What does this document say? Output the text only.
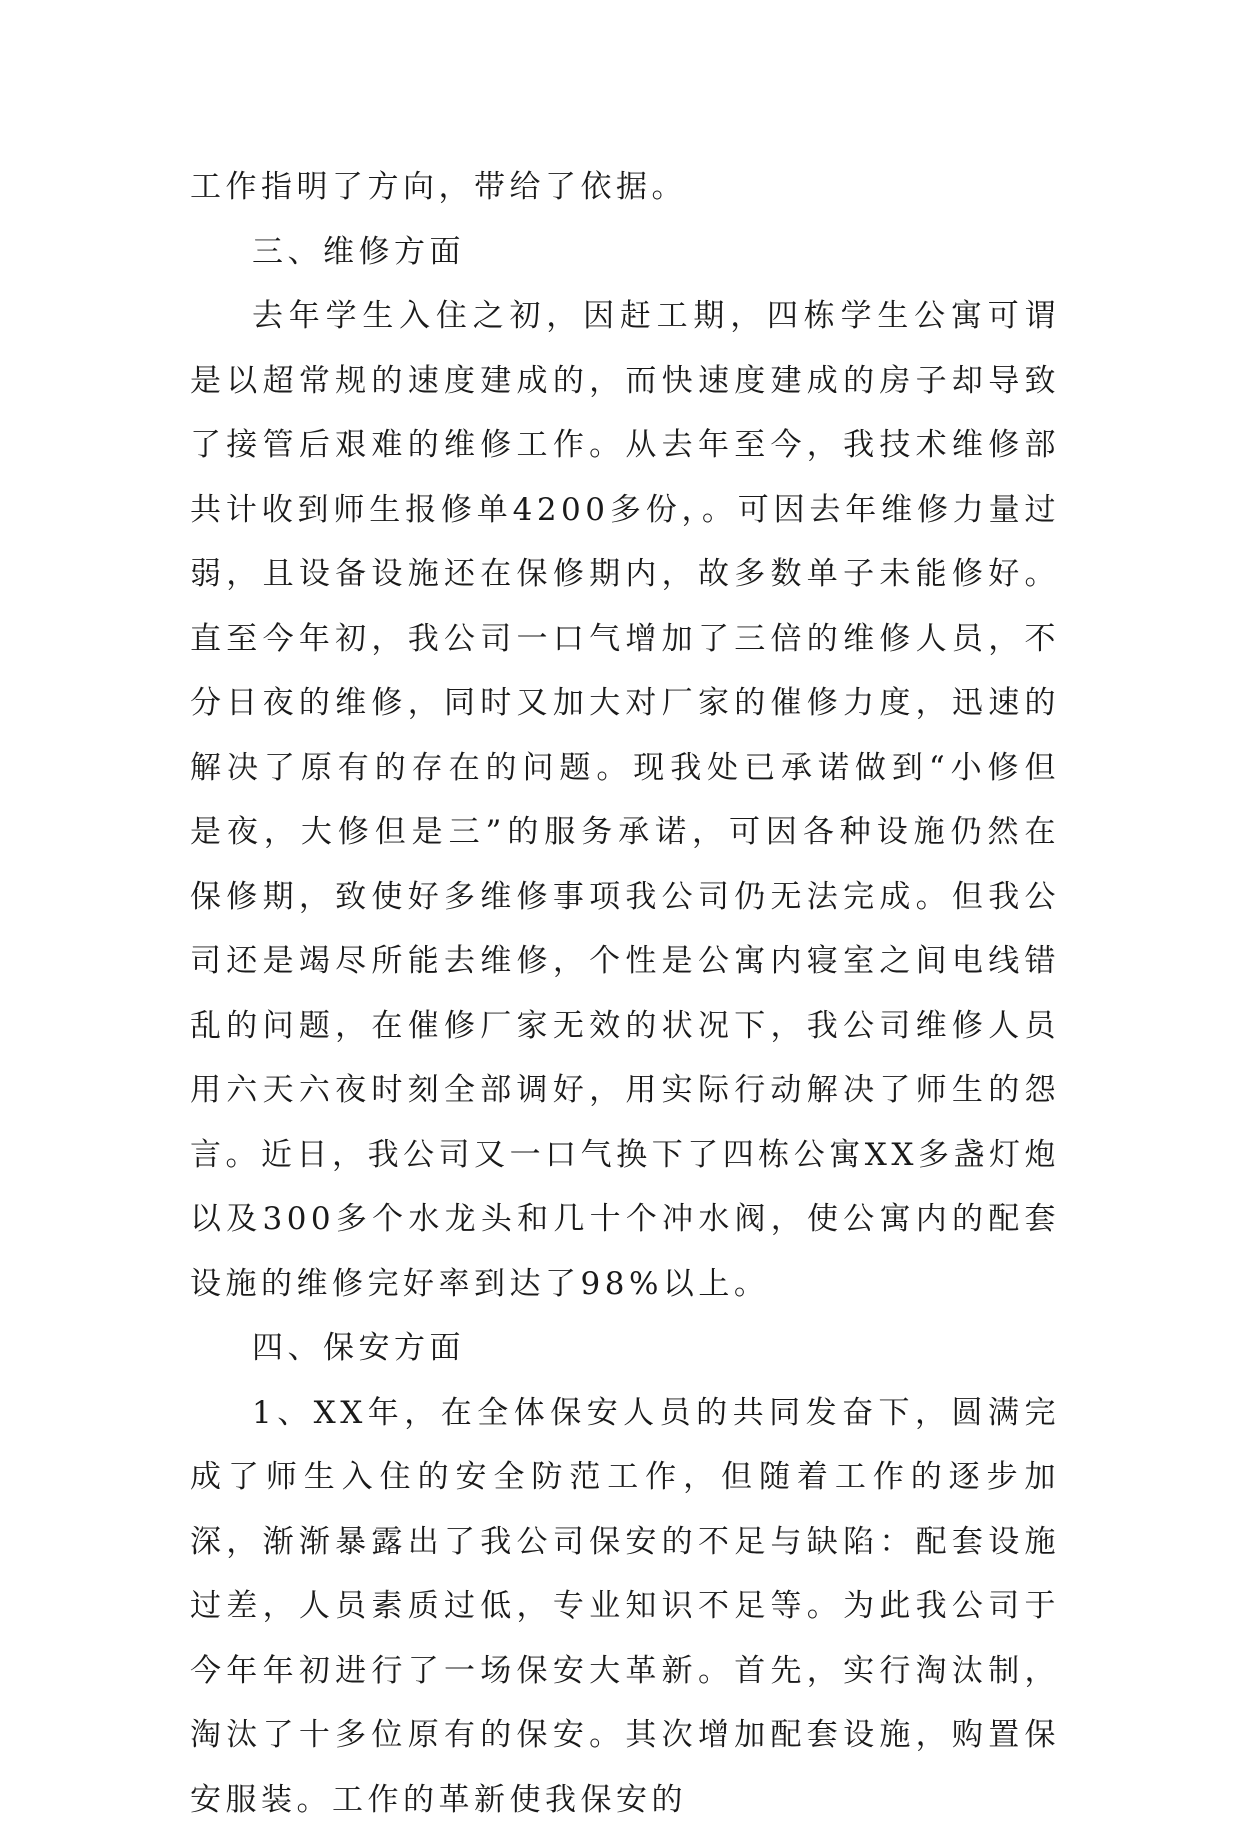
工作指明了方向，带给了依据。

三、维修方面

去年学生入住之初，因赶工期，四栋学生公寓可谓是以超常规的速度建成的，而快速度建成的房子却导致了接管后艰难的维修工作。从去年至今，我技术维修部共计收到师生报修单4200多份，。可因去年维修力量过弱，且设备设施还在保修期内，故多数单子未能修好。直至今年初，我公司一口气增加了三倍的维修人员，不分日夜的维修，同时又加大对厂家的催修力度，迅速的解决了原有的存在的问题。现我处已承诺做到“小修但是夜，大修但是三”的服务承诺，可因各种设施仍然在保修期，致使好多维修事项我公司仍无法完成。但我公司还是竭尽所能去维修，个性是公寓内寝室之间电线错乱的问题，在催修厂家无效的状况下，我公司维修人员用六天六夜时刻全部调好，用实际行动解决了师生的怨言。近日，我公司又一口气换下了四栋公寓XX多盏灯炮以及300多个水龙头和几十个冲水阀，使公寓内的配套设施的维修完好率到达了98%以上。

四、保安方面

1、XX年，在全体保安人员的共同发奋下，圆满完成了师生入住的安全防范工作，但随着工作的逐步加深，渐渐暴露出了我公司保安的不足与缺陷：配套设施过差，人员素质过低，专业知识不足等。为此我公司于今年年初进行了一场保安大革新。首先，实行淘汰制，淘汰了十多位原有的保安。其次增加配套设施，购置保安服装。工作的革新使我保安的
